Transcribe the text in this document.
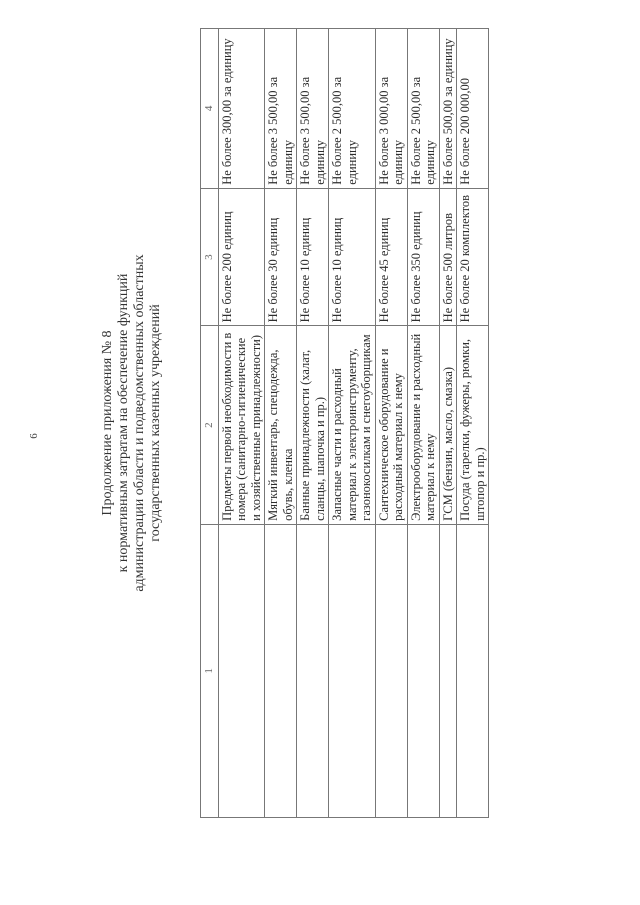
6	Продолжение приложения № 8 к нормативным затратам на обеспечение функций администрации области и подведомственных областных государственных казенных учреждений
1	2	3	4
	Предметы первой необходимости в номера (санитарно-гигиенические и хозяйственные принадлежности)	Не более 200 единиц	Не более 300,00 за единицу
	Мягкий инвентарь, спецодежда, обувь, кленка	Не более 30 единиц	Не более 3 500,00 за единицу
	Банные принадлежности (халат, сланцы, шапочка и пр.)	Не более 10 единиц	Не более 3 500,00 за единицу
	Запасные части и расходный материал к электроинструменту, газонокосилкам и снегоуборщикам	Не более 10 единиц	Не более 2 500,00 за единицу
	Сантехническое оборудование и расходный материал к нему	Не более 45 единиц	Не более 3 000,00 за единицу
	Электрооборудование и расходный материал к нему	Не более 350 единиц	Не более 2 500,00 за единицу
	ГСМ (бензин, масло, смазка)	Не более 500 литров	Не более 500,00 за единицу
	Посуда (тарелки, фужеры, рюмки, штопор и пр.)	Не более 20 комплектов	Не более 200 000,00
